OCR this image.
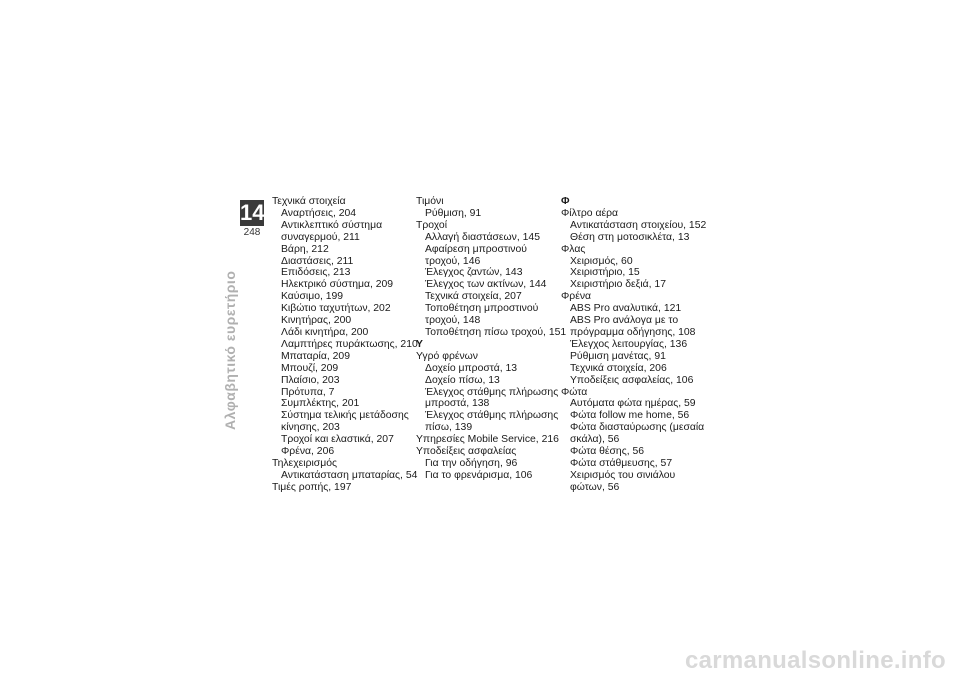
14
248
Αλφαβητικό ευρετήριο
Τεχνικά στοιχεία
Αναρτήσεις, 204
Αντικλεπτικό σύστημα
συναγερμού, 211
Βάρη, 212
Διαστάσεις, 211
Επιδόσεις, 213
Ηλεκτρικό σύστημα, 209
Καύσιμο, 199
Κιβώτιο ταχυτήτων, 202
Κινητήρας, 200
Λάδι κινητήρα, 200
Λαμπτήρες πυράκτωσης, 210
Μπαταρία, 209
Μπουζί, 209
Πλαίσιο, 203
Πρότυπα, 7
Συμπλέκτης, 201
Σύστημα τελικής μετάδοσης
κίνησης, 203
Τροχοί και ελαστικά, 207
Φρένα, 206
Τηλεχειρισμός
Αντικατάσταση μπαταρίας, 54
Τιμές ροπής, 197
Τιμόνι
Ρύθμιση, 91
Τροχοί
Αλλαγή διαστάσεων, 145
Αφαίρεση μπροστινού
τροχού, 146
Έλεγχος ζαντών, 143
Έλεγχος των ακτίνων, 144
Τεχνικά στοιχεία, 207
Τοποθέτηση μπροστινού
τροχού, 148
Τοποθέτηση πίσω τροχού, 151
Υ
Υγρό φρένων
Δοχείο μπροστά, 13
Δοχείο πίσω, 13
Έλεγχος στάθμης πλήρωσης
μπροστά, 138
Έλεγχος στάθμης πλήρωσης
πίσω, 139
Υπηρεσίες Mobile Service, 216
Υποδείξεις ασφαλείας
Για την οδήγηση, 96
Για το φρενάρισμα, 106
Φ
Φίλτρο αέρα
Αντικατάσταση στοιχείου, 152
Θέση στη μοτοσικλέτα, 13
Φλας
Χειρισμός, 60
Χειριστήριο, 15
Χειριστήριο δεξιά, 17
Φρένα
ABS Pro αναλυτικά, 121
ABS Pro ανάλογα με το
πρόγραμμα οδήγησης, 108
Έλεγχος λειτουργίας, 136
Ρύθμιση μανέτας, 91
Τεχνικά στοιχεία, 206
Υποδείξεις ασφαλείας, 106
Φώτα
Αυτόματα φώτα ημέρας, 59
Φώτα follow me home, 56
Φώτα διασταύρωσης (μεσαία
σκάλα), 56
Φώτα θέσης, 56
Φώτα στάθμευσης, 57
Χειρισμός του σινιάλου
φώτων, 56
carmanualsonline.info
